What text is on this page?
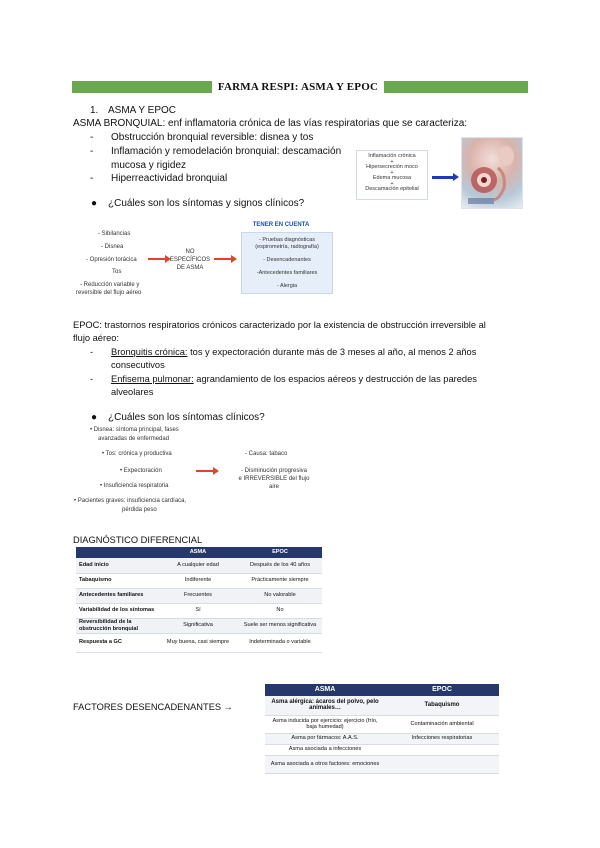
FARMA RESPI: ASMA Y EPOC
1. ASMA Y EPOC
ASMA BRONQUIAL: enf inflamatoria crónica de las vías respiratorias que se caracteriza:
- Obstrucción bronquial reversible: disnea y tos
- Inflamación y remodelación bronquial: descamación
mucosa y rigidez
- Hiperreactividad bronquial
Inflamación crónica
+
Hipersecreción moco
+
Edema mucosa
+
Descamación epitelial
● ¿Cuáles son los síntomas y signos clínicos?
- Sibilancias
- Disnea
- Opresión torácica
Tos
- Reducción variable y
reversible del flujo aéreo
NO
ESPECÍFICOS
DE ASMA
TENER EN CUENTA
- Pruebas diagnósticas
(espirometría, radiografía)
- Desencadenantes
-Antecedentes familiares
- Alergia
EPOC: trastornos respiratorios crónicos caracterizado por la existencia de obstrucción irreversible al
flujo aéreo:
- Bronquitis crónica: tos y expectoración durante más de 3 meses al año, al menos 2 años
consecutivos
- Enfisema pulmonar: agrandamiento de los espacios aéreos y destrucción de las paredes
alveolares
● ¿Cuáles son los síntomas clínicos?
• Disnea: síntoma principal, fases
avanzadas de enfermedad
• Tos: crónica y productiva
• Expectoración
• Insuficiencia respiratoria
• Pacientes graves: insuficiencia cardíaca,
pérdida peso
- Causa: tabaco
- Disminución progresiva
e IRREVERSIBLE del flujo
aire
DIAGNÓSTICO DIFERENCIAL
	ASMA	EPOC
Edad inicio	A cualquier edad	Después de los 40 años
Tabaquismo	Indiferente	Prácticamente siempre
Antecedentes familiares	Frecuentes	No valorable
Variabilidad de los síntomas	Sí	No
Reversibilidad de la obstrucción bronquial	Significativa	Suele ser menos significativa
Respuesta a GC	Muy buena, casi siempre	Indeterminada o variable
FACTORES DESENCADENANTES →
ASMA	EPOC
Asma alérgica: ácaros del polvo, pelo animales…	Tabaquismo
Asma inducida por ejercicio: ejercicio (frío, baja humedad)	Contaminación ambiental
Asma por fármacos: A.A.S.	Infecciones respiratorias
Asma asociada a infecciones	
Asma asociada a otros factores: emociones	
